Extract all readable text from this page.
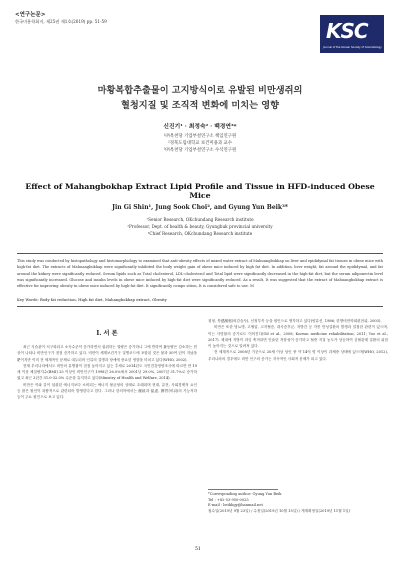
<연구논문>
한국미용학회지, 제25권 제1호(2019) pp. 51-59	KSC
Journal of the Korean Society of Cosmetology
마황복합추출물이 고지방식이로 유발된 비만생쥐의
혈청지질 및 조직적 변화에 미치는 영향
신진기¹ · 최정숙² · 백경연³*
¹㈜옥천당 기업부설연구소 책임연구원
²경북도립대학교 보건미용과 교수
³㈜옥천당 기업부설연구소 수석연구원
Effect of Mahangbokhap Extract Lipid Profile and Tissue in HFD-induced Obese Mice
Jin Gi Shin¹, Jung Sook Choi², and Gyung Yun Beik³*
¹Senior Research, OKchundang Research institute
²Professor, Dept. of health & beauty, Gyungbuk provincial university
³Chief Research, OKchundang Research institute
This study was conducted by histopathology and histomorphology to examined that anti-obesity effects of mixed water extract of Mahuangbokhap on liver and epididymal fat tissues in obese mice with high-fat diet. The extracts of Mahuangbokhap were significantly inhibited the body weight gain of obese mice induced by high fat diet. In addition, liver weight, fat around the epididymal, and fat around the kidney were significantly reduced. Serum lipids such as Total cholesterol, LDL-cholesterol and Total lipid were significantly decreased in the high-fat diet, but the serum adiponectin level was significantly increased. Glucose and insulin levels in obese mice induced by high-fat diet were significantly reduced. As a result, It was suggested that the extract of Mahuangbokhap extract is effective for improving obesity in obese mice induced by high-fat diet. It significantly compo sition, It is considered safe to use. M
Key Words: Body fat reduction, High fat diet, Mahangbokhap extract, Obesity
Ⅰ. 서 론
최근 식습관이 서구화되고 소득수준이 증가하면서 섭취하는 열량은 증가하나 그에 반하여 활동량은 감소하는 현상이 나타나 비만인구가 점점 증가하고 있다. 비만이 세계보건기구 질병코드에 포함된 것은 불과 50여 년이 지났을 뿐이지만 이미 전 세계적인 문제로 대두되어 인류의 질병과 장애에 중요한 영향을 미치고 있다(WHO, 2002).
현재 우리나라에서도 비만의 유병률이 점점 높아지고 있는 추세로 2014년도 국민건강영양조사에 따르면 만 19세 이상 체질량지수(BMI) 25 이상인 비만인구가 1998년 26.0%에서 2001년 29.0%, 2007년 31.7%로 증가하였고 최근 3년간 31.0-32.0% 수준을 유지하고 있다(Ministry of Health and Welfare, 2014).
비만은 이와 같이 섭취된 에너지보다 소비되는 에너지 불균형의 상태로 초래되며 현대, 유전, 사회경제적 요인 등 많은 원인이 복합적으로 관련되어 발생한다고 한다. 그러나 한의학에서는 濕痰과 氣虛, 脾胃(비위)의 기능저하 등이 주요 원인으로 보고 있다.
침형, 外感濕邪(외감습사), 신정부족 등을 원인으로 생각하고 있다(양유신, 1986; 한방비만학회편찬위, 2003).
비만은 또한 당뇨병, 고혈압, 고지혈증, 대사증후군, 지방간 등 각종 만성질환의 발생과 밀접한 관련이 있으며, 이는 사망률의 증가로도 이어진다(Gil et al., 2008; Korean medicine rehabilitation, 2011; Yoo et al., 2017). 체내에 지방이 과잉 축적되면 인슐린 저항성이 증가하고 혈중 지질 농도가 상승하여 심혈관계 질환의 위험이 높아지는 것으로 알려져 있다.
전 세계적으로 2008년 기준으로 20세 이상 성인 중 약 14억 명 이상이 과체중 상태에 있으며(WHO, 2012), 우리나라의 경우에도 비만 인구의 증가는 지속적인 사회적 문제가 되고 있다.
*Corresponding author: Gyung Yun Beik
Tel : +82-53-950-0025
E-mail : beikhgy@hanmail.net
접수일(2019년 9월 23일) / 수정일(2019년 10월 15일) / 게재확정일(2019년 11월 1일)
51
